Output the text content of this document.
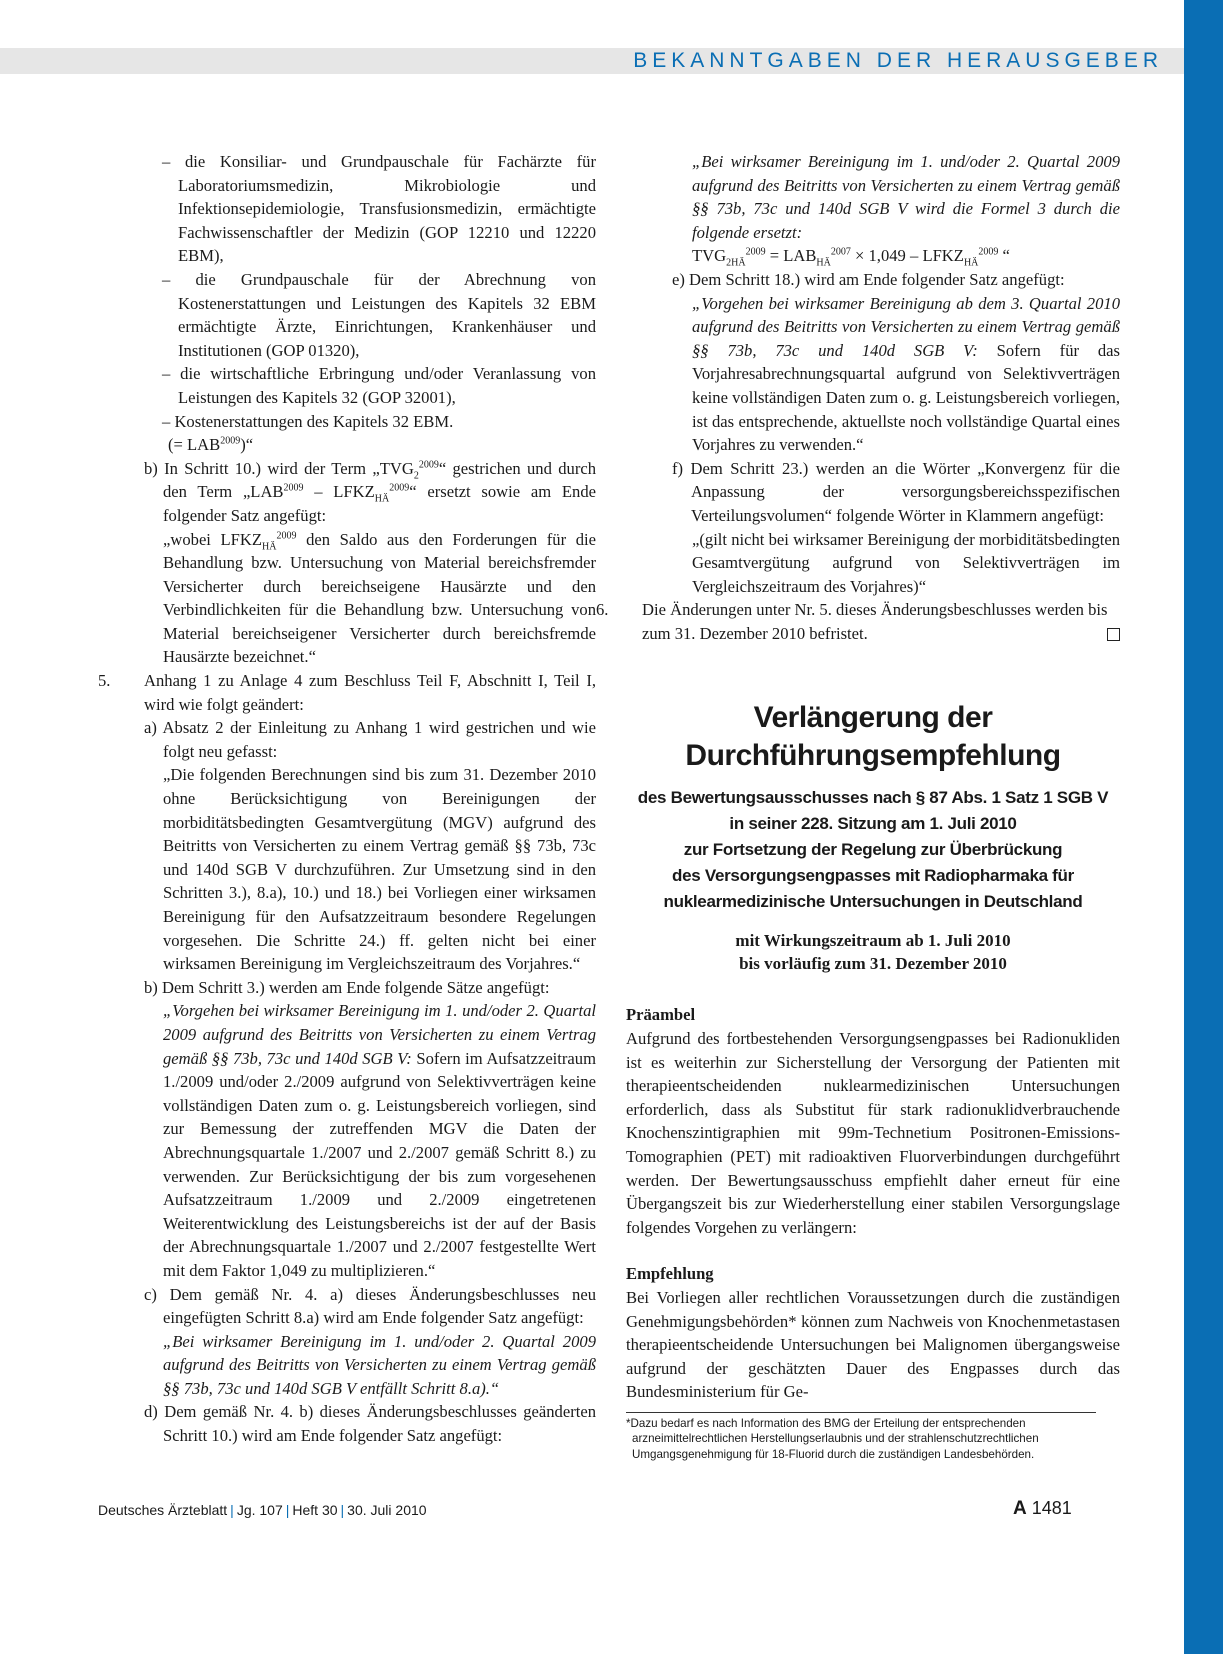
BEKANNTGABEN DER HERAUSGEBER

– die Konsiliar- und Grundpauschale für Fachärzte für Laboratoriumsmedizin, Mikrobiologie und Infektionsepidemiologie, Transfusionsmedizin, ermächtigte Fachwissenschaftler der Medizin (GOP 12210 und 12220 EBM),

– die Grundpauschale für der Abrechnung von Kostenerstattungen und Leistungen des Kapitels 32 EBM ermächtigte Ärzte, Einrichtungen, Krankenhäuser und Institutionen (GOP 01320),

– die wirtschaftliche Erbringung und/oder Veranlassung von Leistungen des Kapitels 32 (GOP 32001),

– Kostenerstattungen des Kapitels 32 EBM.

(= $LAB^{2009})“$

b) In Schritt 10.) wird der Term $„TVG_2^{2009}“$ gestrichen und durch den Term $„LAB^{2009}$ – $LFKZ_{HÄ}^{2009}“$ ersetzt sowie am Ende folgender Satz angefügt:

„wobei $LFKZ_{HÄ}^{2009}$ den Saldo aus den Forderungen für die Behandlung bzw. Untersuchung von Material bereichsfremder Versicherter durch bereichseigene Hausärzte und den Verbindlichkeiten für die Behandlung bzw. Untersuchung von Material bereichseigener Versicherter durch bereichsfremde Hausärzte bezeichnet.“

5.	Anhang 1 zu Anlage 4 zum Beschluss Teil F, Abschnitt I, Teil I, wird wie folgt geändert:

a) Absatz 2 der Einleitung zu Anhang 1 wird gestrichen und wie folgt neu gefasst:

„Die folgenden Berechnungen sind bis zum 31. Dezember 2010 ohne Berücksichtigung von Bereinigungen der morbiditätsbedingten Gesamtvergütung (MGV) aufgrund des Beitritts von Versicherten zu einem Vertrag gemäß §§ 73b, 73c und 140d SGB V durchzuführen. Zur Umsetzung sind in den Schritten 3.), 8.a), 10.) und 18.) bei Vorliegen einer wirksamen Bereinigung für den Aufsatzzeitraum besondere Regelungen vorgesehen. Die Schritte 24.) ff. gelten nicht bei einer wirksamen Bereinigung im Vergleichszeitraum des Vorjahres.“

b) Dem Schritt 3.) werden am Ende folgende Sätze angefügt:

„Vorgehen bei wirksamer Bereinigung im 1. und/oder 2. Quartal 2009 aufgrund des Beitritts von Versicherten zu einem Vertrag gemäß §§ 73b, 73c und 140d SGB V: Sofern im Aufsatzzeitraum 1./2009 und/oder 2./2009 aufgrund von Selektivverträgen keine vollständigen Daten zum o. g. Leistungsbereich vorliegen, sind zur Bemessung der zutreffenden MGV die Daten der Abrechnungsquartale 1./2007 und 2./2007 gemäß Schritt 8.) zu verwenden. Zur Berücksichtigung der bis zum vorgesehenen Aufsatzzeitraum 1./2009 und 2./2009 eingetretenen Weiterentwicklung des Leistungsbereichs ist der auf der Basis der Abrechnungsquartale 1./2007 und 2./2007 festgestellte Wert mit dem Faktor 1,049 zu multiplizieren.“

c) Dem gemäß Nr. 4. a) dieses Änderungsbeschlusses neu eingefügten Schritt 8.a) wird am Ende folgender Satz angefügt:

„Bei wirksamer Bereinigung im 1. und/oder 2. Quartal 2009 aufgrund des Beitritts von Versicherten zu einem Vertrag gemäß §§ 73b, 73c und 140d SGB V entfällt Schritt 8.a).“

d) Dem gemäß Nr. 4. b) dieses Änderungsbeschlusses geänderten Schritt 10.) wird am Ende folgender Satz angefügt:

„Bei wirksamer Bereinigung im 1. und/oder 2. Quartal 2009 aufgrund des Beitritts von Versicherten zu einem Vertrag gemäß §§ 73b, 73c und 140d SGB V wird die Formel 3 durch die folgende ersetzt:

$TVG_{2HÄ}^{2009} = LAB_{HÄ}^{2007} \times 1,049$ – $LFKZ_{HÄ}^{2009}$ “

e) Dem Schritt 18.) wird am Ende folgender Satz angefügt:

„Vorgehen bei wirksamer Bereinigung ab dem 3. Quartal 2010 aufgrund des Beitritts von Versicherten zu einem Vertrag gemäß §§ 73b, 73c und 140d SGB V: Sofern für das Vorjahresabrechnungsquartal aufgrund von Selektivverträgen keine vollständigen Daten zum o. g. Leistungsbereich vorliegen, ist das entsprechende, aktuellste noch vollständige Quartal eines Vorjahres zu verwenden.“

f) Dem Schritt 23.) werden an die Wörter „Konvergenz für die Anpassung der versorgungsbereichsspezifischen Verteilungsvolumen“ folgende Wörter in Klammern angefügt:

„(gilt nicht bei wirksamer Bereinigung der morbiditätsbedingten Gesamtvergütung aufgrund von Selektivverträgen im Vergleichszeitraum des Vorjahres)“

6.	Die Änderungen unter Nr. 5. dieses Änderungsbeschlusses werden bis zum 31. Dezember 2010 befristet.

Verlängerung der

Durchführungsempfehlung

des Bewertungsausschusses nach § 87 Abs. 1 Satz 1 SGB V
in seiner 228. Sitzung am 1. Juli 2010
zur Fortsetzung der Regelung zur Überbrückung
des Versorgungsengpasses mit Radiopharmaka für
nuklearmedizinische Untersuchungen in Deutschland
mit Wirkungszeitraum ab 1. Juli 2010
bis vorläufig zum 31. Dezember 2010

Präambel

Aufgrund des fortbestehenden Versorgungsengpasses bei Radionukliden ist es weiterhin zur Sicherstellung der Versorgung der Patienten mit therapieentscheidenden nuklearmedizinischen Untersuchungen erforderlich, dass als Substitut für stark radionuklidverbrauchende Knochenszintigraphien mit 99m-Technetium Positronen-Emissions-Tomographien (PET) mit radioaktiven Fluorverbindungen durchgeführt werden. Der Bewertungsausschuss empfiehlt daher erneut für eine Übergangszeit bis zur Wiederherstellung einer stabilen Versorgungslage folgendes Vorgehen zu verlängern:

Empfehlung

Bei Vorliegen aller rechtlichen Voraussetzungen durch die zuständigen Genehmigungsbehörden* können zum Nachweis von Knochenmetastasen therapieentscheidende Untersuchungen bei Malignomen übergangsweise aufgrund der geschätzten Dauer des Engpasses durch das Bundesministerium für Ge-

*Dazu bedarf es nach Information des BMG der Erteilung der entsprechenden arzneimittelrechtlichen Herstellungserlaubnis und der strahlenschutzrechtlichen Umgangsgenehmigung für 18-Fluorid durch die zuständigen Landesbehörden.

Deutsches Ärzteblatt | Jg. 107 | Heft 30 | 30. Juli 2010	A 1481
